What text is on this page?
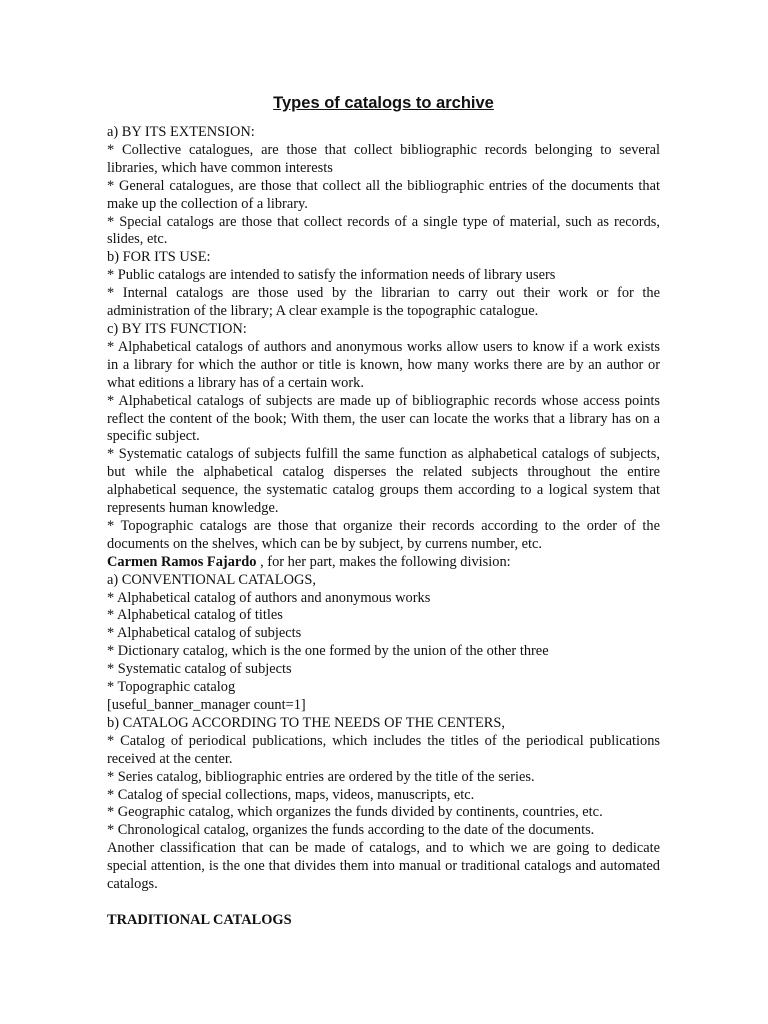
Types of catalogs to archive

a) BY ITS EXTENSION:

* Collective catalogues, are those that collect bibliographic records belonging to several libraries, which have common interests

* General catalogues, are those that collect all the bibliographic entries of the documents that make up the collection of a library.

* Special catalogs are those that collect records of a single type of material, such as records, slides, etc.

b) FOR ITS USE:

* Public catalogs are intended to satisfy the information needs of library users

* Internal catalogs are those used by the librarian to carry out their work or for the administration of the library; A clear example is the topographic catalogue.

c) BY ITS FUNCTION:

* Alphabetical catalogs of authors and anonymous works allow users to know if a work exists in a library for which the author or title is known, how many works there are by an author or what editions a library has of a certain work.

* Alphabetical catalogs of subjects are made up of bibliographic records whose access points reflect the content of the book; With them, the user can locate the works that a library has on a specific subject.

* Systematic catalogs of subjects fulfill the same function as alphabetical catalogs of subjects, but while the alphabetical catalog disperses the related subjects throughout the entire alphabetical sequence, the systematic catalog groups them according to a logical system that represents human knowledge.

* Topographic catalogs are those that organize their records according to the order of the documents on the shelves, which can be by subject, by currens number, etc.

Carmen Ramos Fajardo , for her part, makes the following division:

a) CONVENTIONAL CATALOGS,

* Alphabetical catalog of authors and anonymous works

* Alphabetical catalog of titles

* Alphabetical catalog of subjects

* Dictionary catalog, which is the one formed by the union of the other three

* Systematic catalog of subjects

* Topographic catalog

[useful_banner_manager count=1]

b) CATALOG ACCORDING TO THE NEEDS OF THE CENTERS,

* Catalog of periodical publications, which includes the titles of the periodical publications received at the center.

* Series catalog, bibliographic entries are ordered by the title of the series.

* Catalog of special collections, maps, videos, manuscripts, etc.

* Geographic catalog, which organizes the funds divided by continents, countries, etc.

* Chronological catalog, organizes the funds according to the date of the documents.

Another classification that can be made of catalogs, and to which we are going to dedicate special attention, is the one that divides them into manual or traditional catalogs and automated catalogs.

TRADITIONAL CATALOGS
